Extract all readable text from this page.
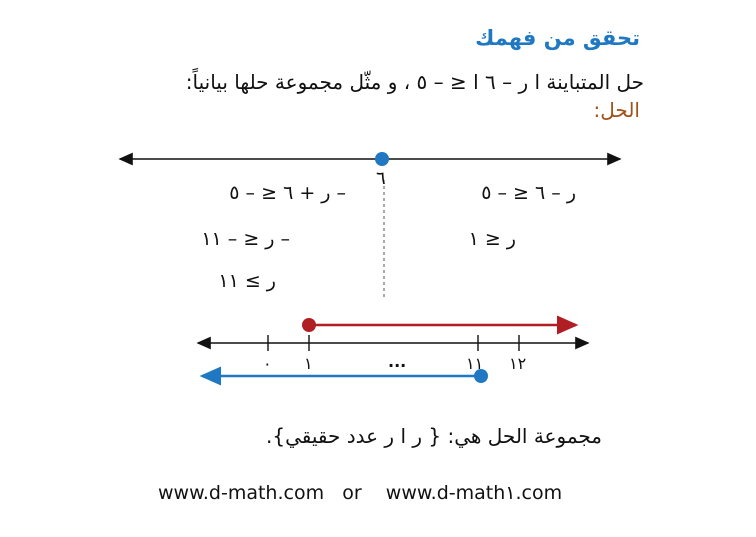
تحقق من فهمك
حل المتباينة ا ر – ٦ ا ≤ – ٥ ، و مثّل مجموعة حلها بيانياً:
الحل:
٦
– ر + ٦ ≤ – ٥
– ر ≤ – ١١
ر ≥ ١١
ر – ٦ ≤ – ٥
ر ≤ ١
٠ ١	...	١١ ١٢
مجموعة الحل هي: { ر ا ر عدد حقيقي}.
www.d-math.com   or    www.d-math١.com
